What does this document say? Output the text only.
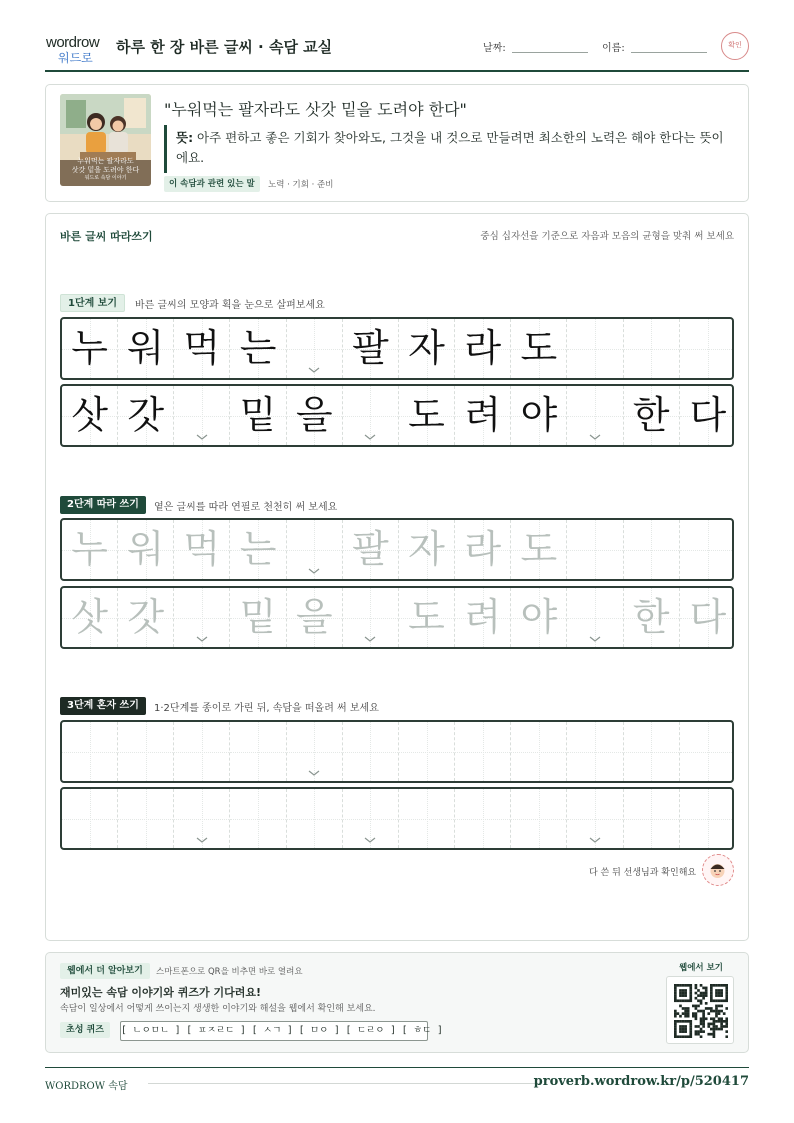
wordrow
워드로
하루 한 장 바른 글씨 · 속담 교실	날짜:	이름:	확인
누워먹는 팔자라도
삿갓 밑을 도려야 한다
워드로 속담 이야기
"누워먹는 팔자라도 삿갓 밑을 도려야 한다"
뜻: 아주 편하고 좋은 기회가 찾아와도, 그것을 내 것으로 만들려면 최소한의 노력은 해야 한다는 뜻이에요.
이 속담과 관련 있는 말	노력 · 기회 · 준비
바른 글씨 따라쓰기	중심 십자선을 기준으로 자음과 모음의 균형을 맞춰 써 보세요
1단계 보기	바른 글씨의 모양과 획을 눈으로 살펴보세요
누 워 먹 는 팔 자 라 도
삿 갓 밑 을 도 려 야 한 다
2단계 따라 쓰기	옅은 글씨를 따라 연필로 천천히 써 보세요
누 워 먹 는 팔 자 라 도
삿 갓 밑 을 도 려 야 한 다
3단계 혼자 쓰기	1·2단계를 종이로 가린 뒤, 속담을 떠올려 써 보세요
다 쓴 뒤 선생님과 확인해요
웹에서 더 알아보기	스마트폰으로 QR을 비추면 바로 열려요
재미있는 속담 이야기와 퀴즈가 기다려요!
속담이 일상에서 어떻게 쓰이는지 생생한 이야기와 해설을 웹에서 확인해 보세요.
초성 퀴즈	[ ㄴㅇㅁㄴ ] [ ㅍㅈㄹㄷ ] [ ㅅㄱ ] [ ㅁㅇ ] [ ㄷㄹㅇ ] [ ㅎㄷ ]
웹에서 보기
WORDROW 속담	proverb.wordrow.kr/p/520417
